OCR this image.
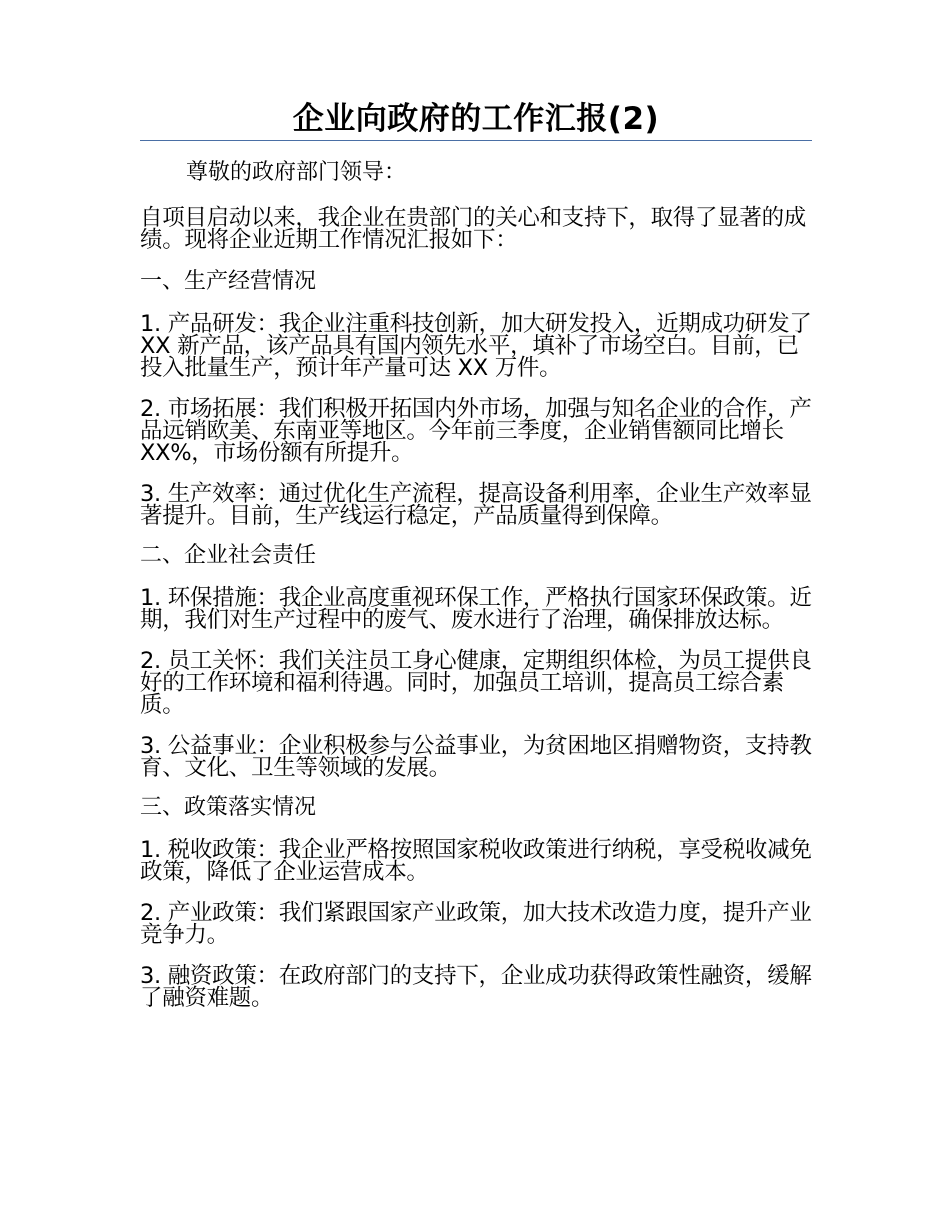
企业向政府的工作汇报(2)

尊敬的政府部门领导：

自项目启动以来，我企业在贵部门的关心和支持下，取得了显著的成绩。现将企业近期工作情况汇报如下：

一、生产经营情况

1. 产品研发：我企业注重科技创新，加大研发投入，近期成功研发了 XX 新产品，该产品具有国内领先水平，填补了市场空白。目前，已投入批量生产，预计年产量可达 XX 万件。

2. 市场拓展：我们积极开拓国内外市场，加强与知名企业的合作，产品远销欧美、东南亚等地区。今年前三季度，企业销售额同比增长 XX%，市场份额有所提升。

3. 生产效率：通过优化生产流程，提高设备利用率，企业生产效率显著提升。目前，生产线运行稳定，产品质量得到保障。

二、企业社会责任

1. 环保措施：我企业高度重视环保工作，严格执行国家环保政策。近期，我们对生产过程中的废气、废水进行了治理，确保排放达标。

2. 员工关怀：我们关注员工身心健康，定期组织体检，为员工提供良好的工作环境和福利待遇。同时，加强员工培训，提高员工综合素质。

3. 公益事业：企业积极参与公益事业，为贫困地区捐赠物资，支持教育、文化、卫生等领域的发展。

三、政策落实情况

1. 税收政策：我企业严格按照国家税收政策进行纳税，享受税收减免政策，降低了企业运营成本。

2. 产业政策：我们紧跟国家产业政策，加大技术改造力度，提升产业竞争力。

3. 融资政策：在政府部门的支持下，企业成功获得政策性融资，缓解了融资难题。
